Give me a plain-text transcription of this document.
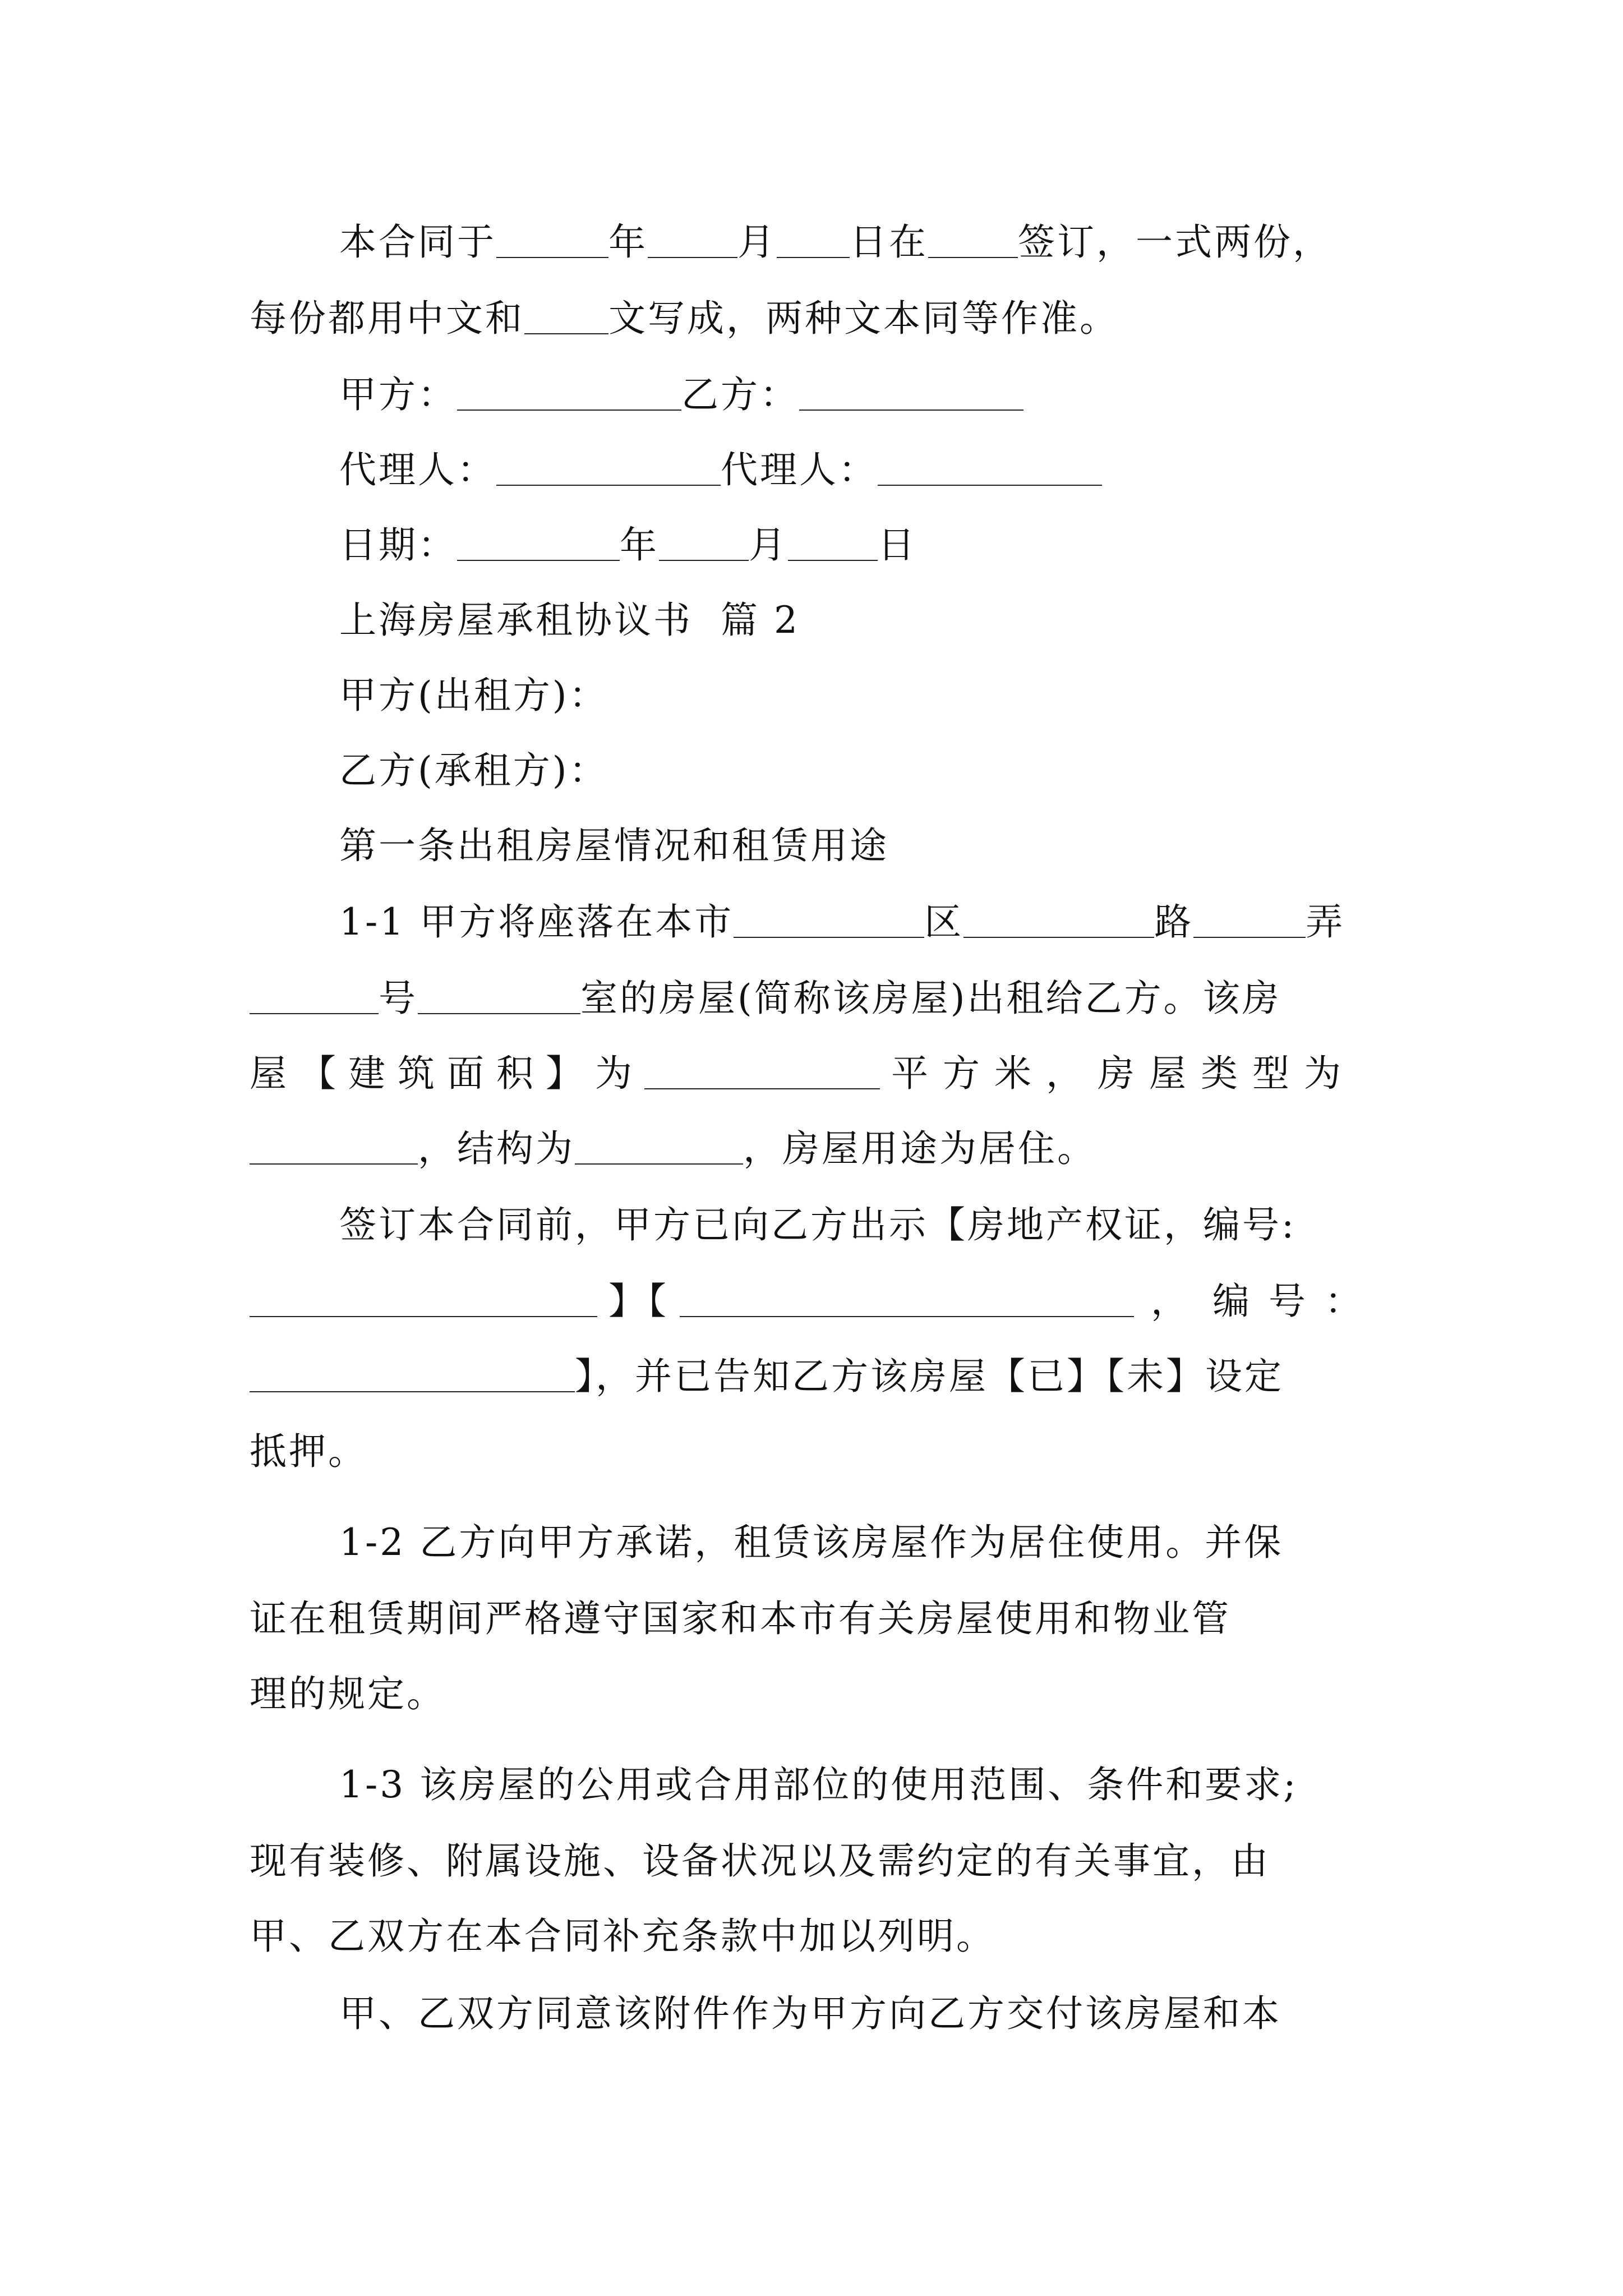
本合同于	年 月 日在 签订，一式两份，
每份都用中文和 文写成，两种文本同等作准。
甲方：	乙方：
代理人：	代理人：
日期：	年 月 日
上海房屋承租协议书 篇 2
甲方(出租方)：
乙方(承租方)：
第一条出租房屋情况和租赁用途
1-1 甲方将座落在本市	区	路	弄
号	室的房屋(简称该房屋)出租给乙方。该房
屋【建筑面积】为	平方米，房屋类型为
，结构为	，房屋用途为居住。
签订本合同前，甲方已向乙方出示【房地产权证，编号:
】【	， 编号：
】，并已告知乙方该房屋【已】【未】设定
抵押。
1-2 乙方向甲方承诺，租赁该房屋作为居住使用。并保
证在租赁期间严格遵守国家和本市有关房屋使用和物业管
理的规定。
1-3 该房屋的公用或合用部位的使用范围、条件和要求;
现有装修、附属设施、设备状况以及需约定的有关事宜，由
甲、乙双方在本合同补充条款中加以列明。
甲、乙双方同意该附件作为甲方向乙方交付该房屋和本
